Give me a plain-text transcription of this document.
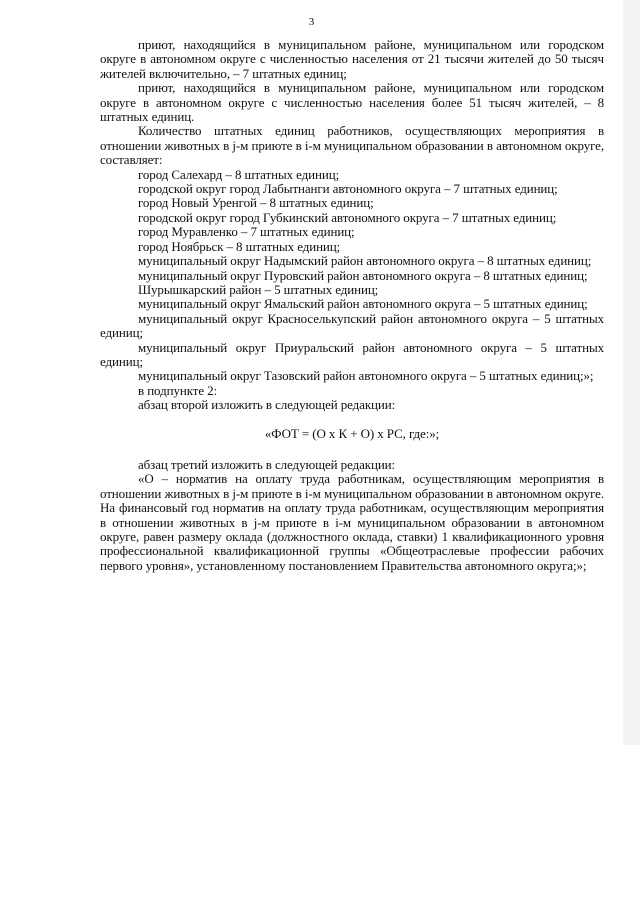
3

приют, находящийся в муниципальном районе, муниципальном или городском округе в автономном округе с численностью населения от 21 тысячи жителей до 50 тысяч жителей включительно, – 7 штатных единиц;

приют, находящийся в муниципальном районе, муниципальном или городском округе в автономном округе с численностью населения более 51 тысяч жителей, – 8 штатных единиц.

Количество штатных единиц работников, осуществляющих мероприятия в отношении животных в j-м приюте в i-м муниципальном образовании в автономном округе, составляет:

город Салехард – 8 штатных единиц;

городской округ город Лабытнанги автономного округа – 7 штатных единиц;

город Новый Уренгой – 8 штатных единиц;

городской округ город Губкинский автономного округа – 7 штатных единиц;

город Муравленко – 7 штатных единиц;

город Ноябрьск – 8 штатных единиц;

муниципальный округ Надымский район автономного округа – 8 штатных единиц;

муниципальный округ Пуровский район автономного округа – 8 штатных единиц;

Шурышкарский район – 5 штатных единиц;

муниципальный округ Ямальский район автономного округа – 5 штатных единиц;

муниципальный округ Красноселькупский район автономного округа – 5 штатных единиц;

муниципальный округ Приуральский район автономного округа – 5 штатных единиц;

муниципальный округ Тазовский район автономного округа – 5 штатных единиц;»;

в подпункте 2:

абзац второй изложить в следующей редакции:

«ФОТ = (О х К + О) х РС, где:»;

абзац третий изложить в следующей редакции:

«О – норматив на оплату труда работникам, осуществляющим мероприятия в отношении животных в j-м приюте в i-м муниципальном образовании в автономном округе. На финансовый год норматив на оплату труда работникам, осуществляющим мероприятия в отношении животных в j-м приюте в i-м муниципальном образовании в автономном округе, равен размеру оклада (должностного оклада, ставки) 1 квалификационного уровня профессиональной квалификационной группы «Общеотраслевые профессии рабочих первого уровня», установленному постановлением Правительства автономного округа;»;
